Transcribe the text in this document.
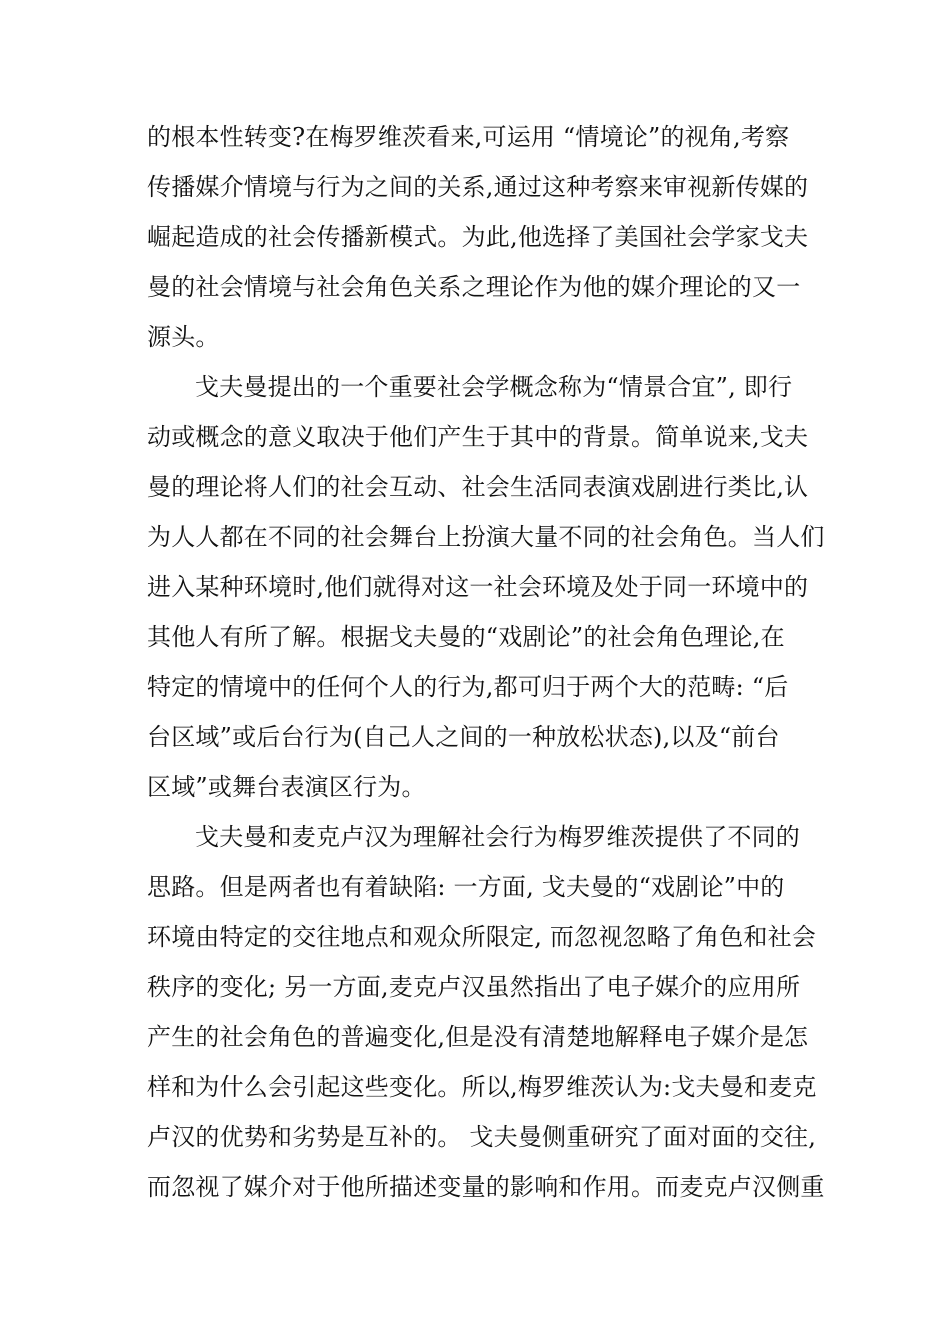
的根本性转变?在梅罗维茨看来,可运用 “情境论”的视角,考察
传播媒介情境与行为之间的关系,通过这种考察来审视新传媒的
崛起造成的社会传播新模式。为此,他选择了美国社会学家戈夫
曼的社会情境与社会角色关系之理论作为他的媒介理论的又一
源头。
戈夫曼提出的一个重要社会学概念称为“情景合宜”, 即行
动或概念的意义取决于他们产生于其中的背景。简单说来,戈夫
曼的理论将人们的社会互动、社会生活同表演戏剧进行类比,认
为人人都在不同的社会舞台上扮演大量不同的社会角色。当人们
进入某种环境时,他们就得对这一社会环境及处于同一环境中的
其他人有所了解。根据戈夫曼的“戏剧论”的社会角色理论,在
特定的情境中的任何个人的行为,都可归于两个大的范畴: “后
台区域”或后台行为(自己人之间的一种放松状态),以及“前台
区域”或舞台表演区行为。
戈夫曼和麦克卢汉为理解社会行为梅罗维茨提供了不同的
思路。但是两者也有着缺陷: 一方面, 戈夫曼的“戏剧论”中的
环境由特定的交往地点和观众所限定, 而忽视忽略了角色和社会
秩序的变化; 另一方面,麦克卢汉虽然指出了电子媒介的应用所
产生的社会角色的普遍变化,但是没有清楚地解释电子媒介是怎
样和为什么会引起这些变化。所以,梅罗维茨认为:戈夫曼和麦克
卢汉的优势和劣势是互补的。 戈夫曼侧重研究了面对面的交往,
而忽视了媒介对于他所描述变量的影响和作用。而麦克卢汉侧重
